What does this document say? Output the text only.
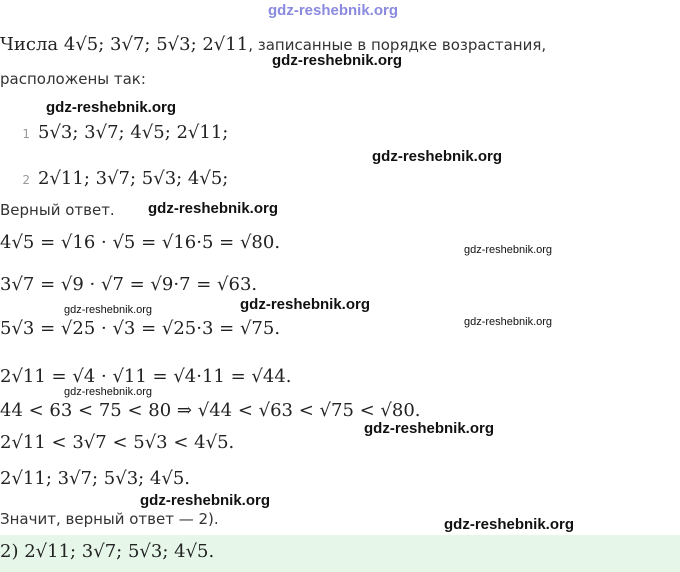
gdz-reshebnik.org
gdz-reshebnik.org
gdz-reshebnik.org
gdz-reshebnik.org
gdz-reshebnik.org
gdz-reshebnik.org
gdz-reshebnik.org
gdz-reshebnik.org
gdz-reshebnik.org
gdz-reshebnik.org
gdz-reshebnik.org
gdz-reshebnik.org
gdz-reshebnik.org
Числа 4√5; 3√7; 5√3; 2√11, записанные в порядке возрастания,
расположены так:
1 5√3; 3√7; 4√5; 2√11;
2 2√11; 3√7; 5√3; 4√5;
Верный ответ.
4√5 = √16 · √5 = √16·5 = √80.
3√7 = √9 · √7 = √9·7 = √63.
5√3 = √25 · √3 = √25·3 = √75.
2√11 = √4 · √11 = √4·11 = √44.
44 < 63 < 75 < 80 ⇒ √44 < √63 < √75 < √80.
2√11 < 3√7 < 5√3 < 4√5.
2√11; 3√7; 5√3; 4√5.
Значит, верный ответ — 2).
2) 2√11; 3√7; 5√3; 4√5.
